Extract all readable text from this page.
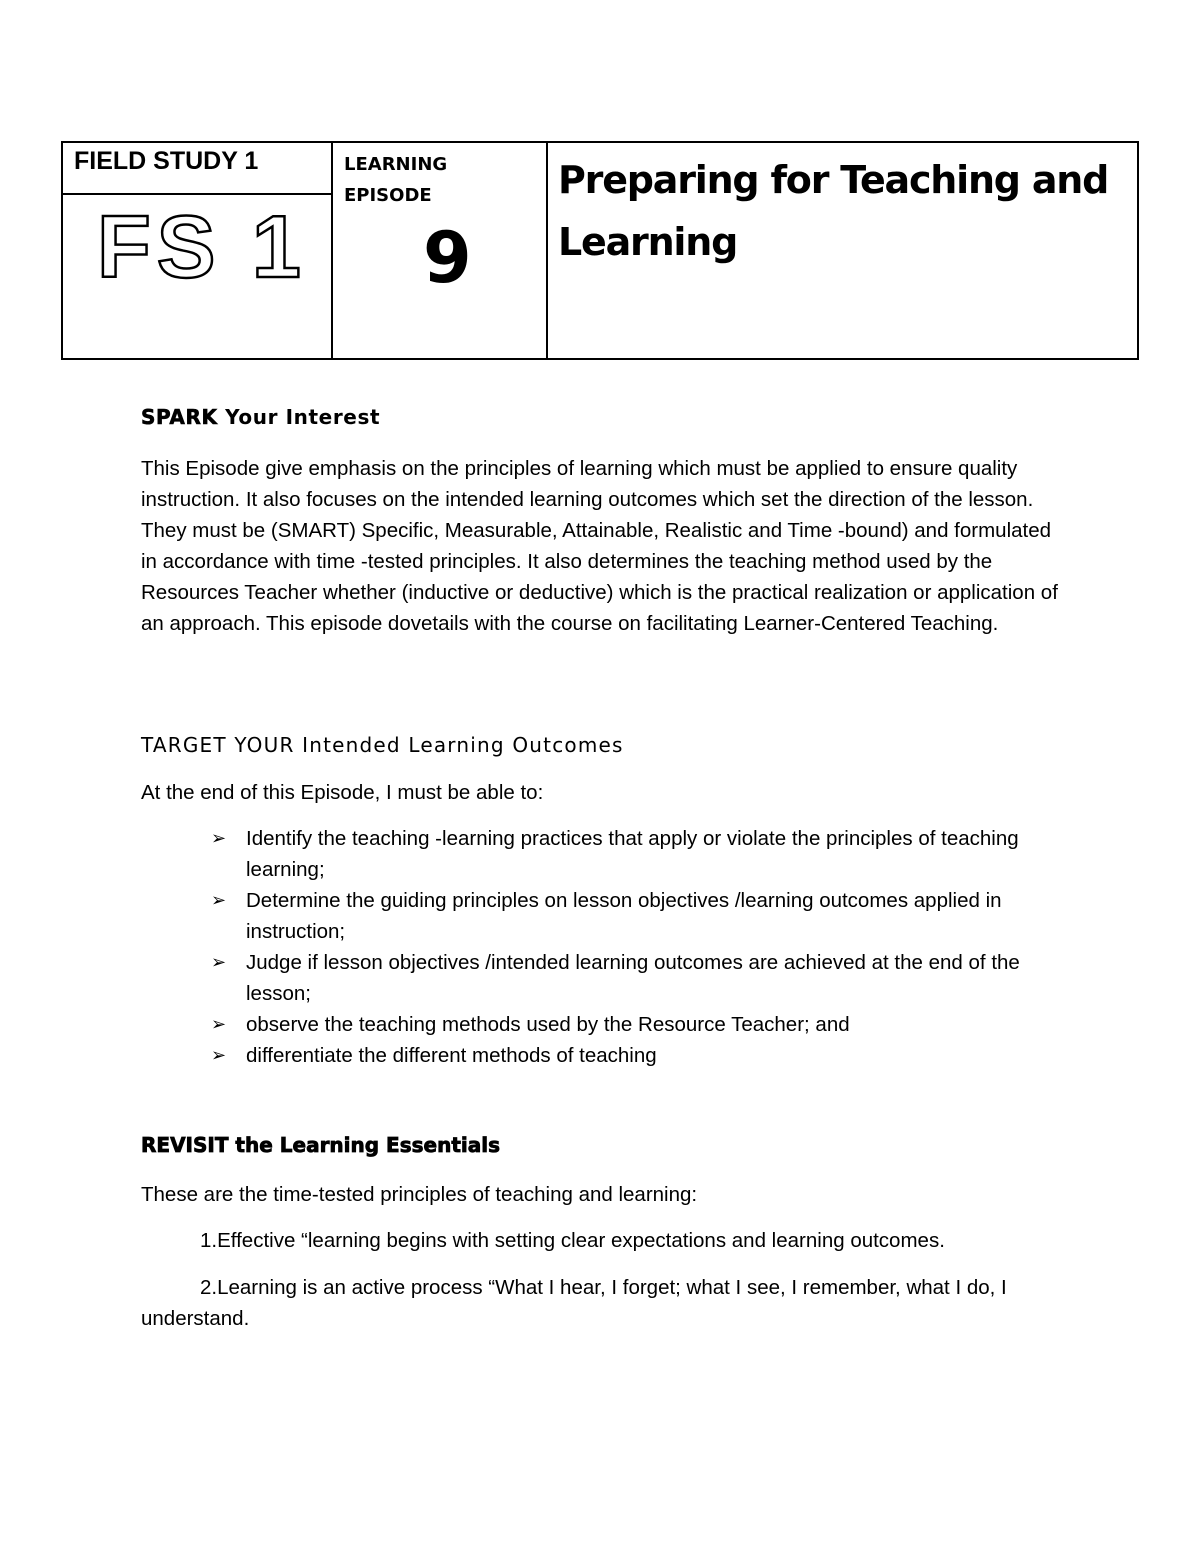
FIELD STUDY 1
FS 1
LEARNING EPISODE
9
Preparing for Teaching and Learning
SPARK Your Interest
This Episode give emphasis on the principles of learning which must be applied to ensure quality instruction. It also focuses on the intended learning outcomes which set the direction of the lesson. They must be (SMART) Specific, Measurable, Attainable, Realistic and Time -bound) and formulated in accordance with time -tested principles. It also determines the teaching method used by the Resources Teacher whether (inductive or deductive) which is the practical realization or application of an approach. This episode dovetails with the course on facilitating Learner-Centered Teaching.
TARGET YOUR Intended Learning Outcomes
At the end of this Episode, I must be able to:
➢ Identify the teaching -learning practices that apply or violate the principles of teaching learning;
➢ Determine the guiding principles on lesson objectives /learning outcomes applied in instruction;
➢ Judge if lesson objectives /intended learning outcomes are achieved at the end of the lesson;
➢ observe the teaching methods used by the Resource Teacher; and
➢ differentiate the different methods of teaching
REVISIT the Learning Essentials
These are the time-tested principles of teaching and learning:
1.Effective “learning begins with setting clear expectations and learning outcomes.
2.Learning is an active process “What I hear, I forget; what I see, I remember, what I do, I understand.
